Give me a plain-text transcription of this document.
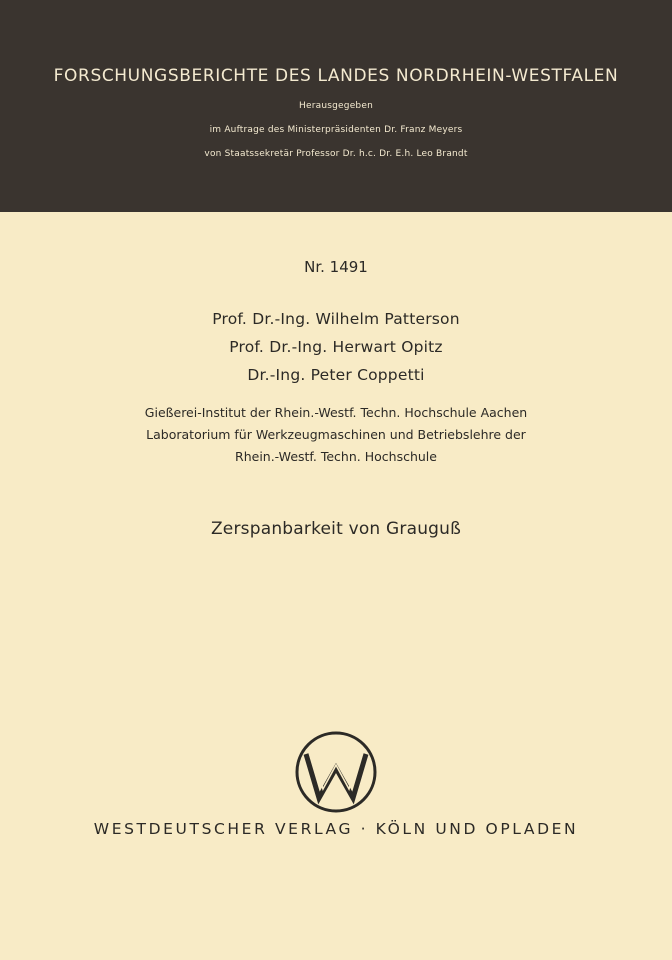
FORSCHUNGSBERICHTE DES LANDES NORDRHEIN-WESTFALEN
Herausgegeben
im Auftrage des Ministerpräsidenten Dr. Franz Meyers
von Staatssekretär Professor Dr. h.c. Dr. E.h. Leo Brandt
Nr. 1491
Prof. Dr.-Ing. Wilhelm Patterson
Prof. Dr.-Ing. Herwart Opitz
Dr.-Ing. Peter Coppetti
Gießerei-Institut der Rhein.-Westf. Techn. Hochschule Aachen
Laboratorium für Werkzeugmaschinen und Betriebslehre der
Rhein.-Westf. Techn. Hochschule
Zerspanbarkeit von Grauguß
WESTDEUTSCHER VERLAG · KÖLN UND OPLADEN
